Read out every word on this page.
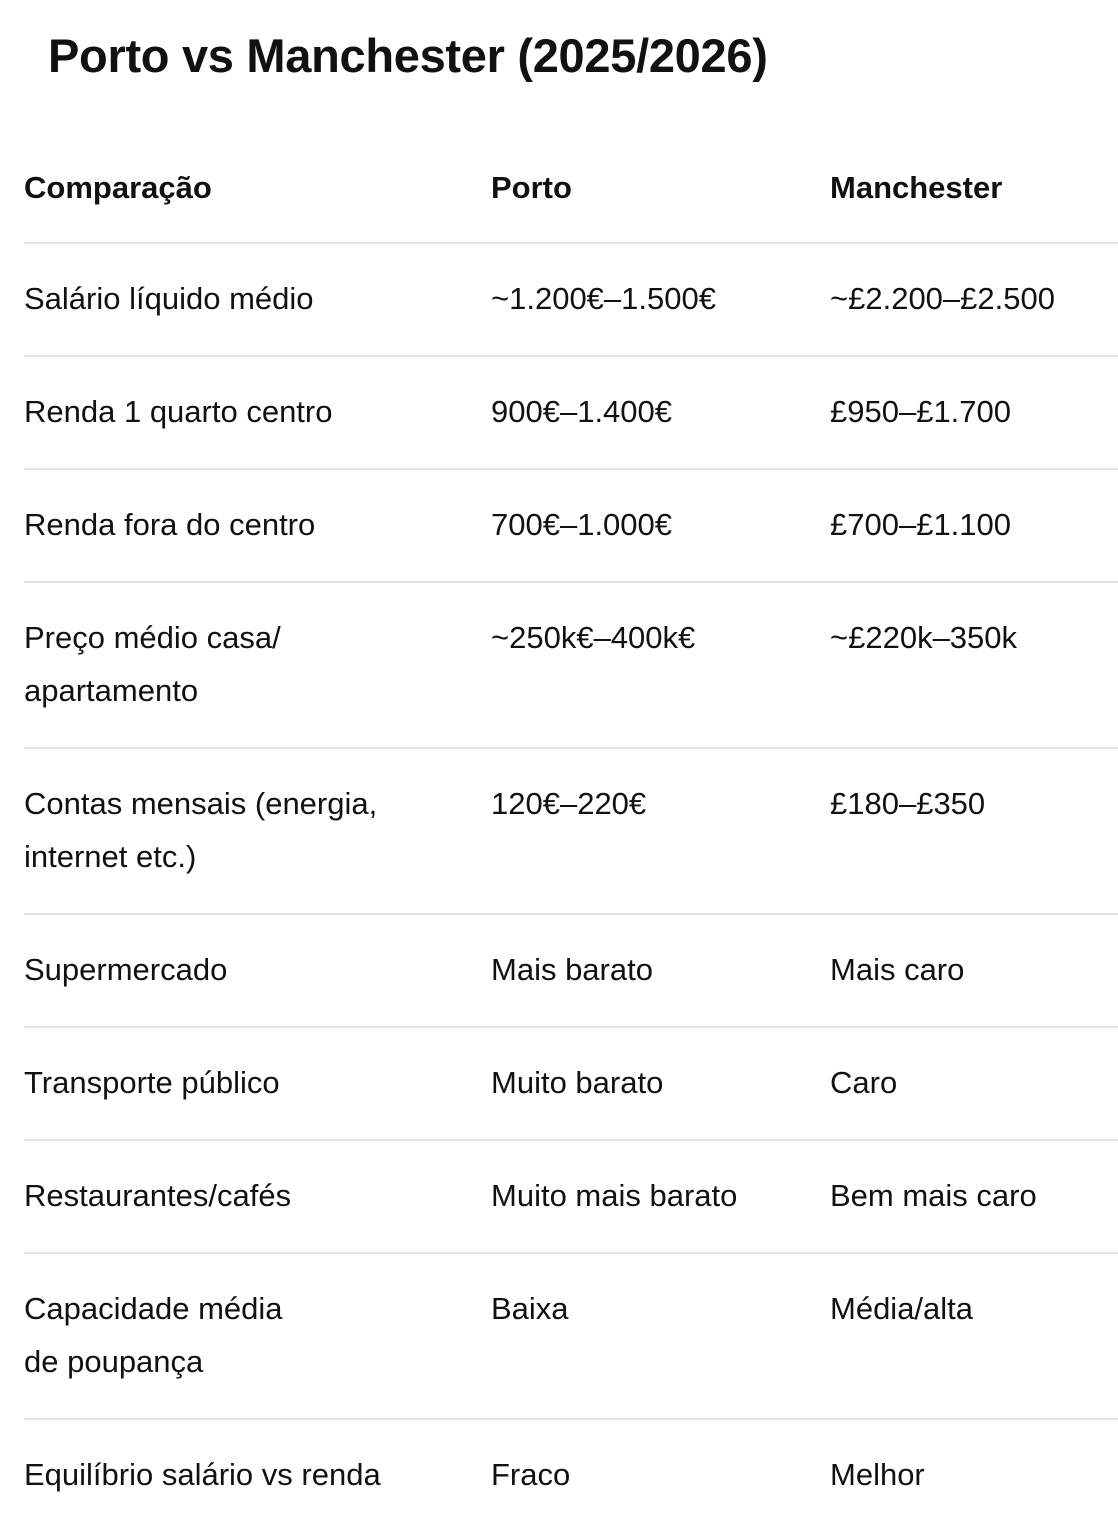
Porto vs Manchester (2025/2026)
Comparação	Porto	Manchester
Salário líquido médio	~1.200€–1.500€	~£2.200–£2.500
Renda 1 quarto centro	900€–1.400€	£950–£1.700
Renda fora do centro	700€–1.000€	£700–£1.100
Preço médio casa/
apartamento	~250k€–400k€	~£220k–350k
Contas mensais (energia,
internet etc.)	120€–220€	£180–£350
Supermercado	Mais barato	Mais caro
Transporte público	Muito barato	Caro
Restaurantes/cafés	Muito mais barato	Bem mais caro
Capacidade média
de poupança	Baixa	Média/alta
Equilíbrio salário vs renda	Fraco	Melhor
